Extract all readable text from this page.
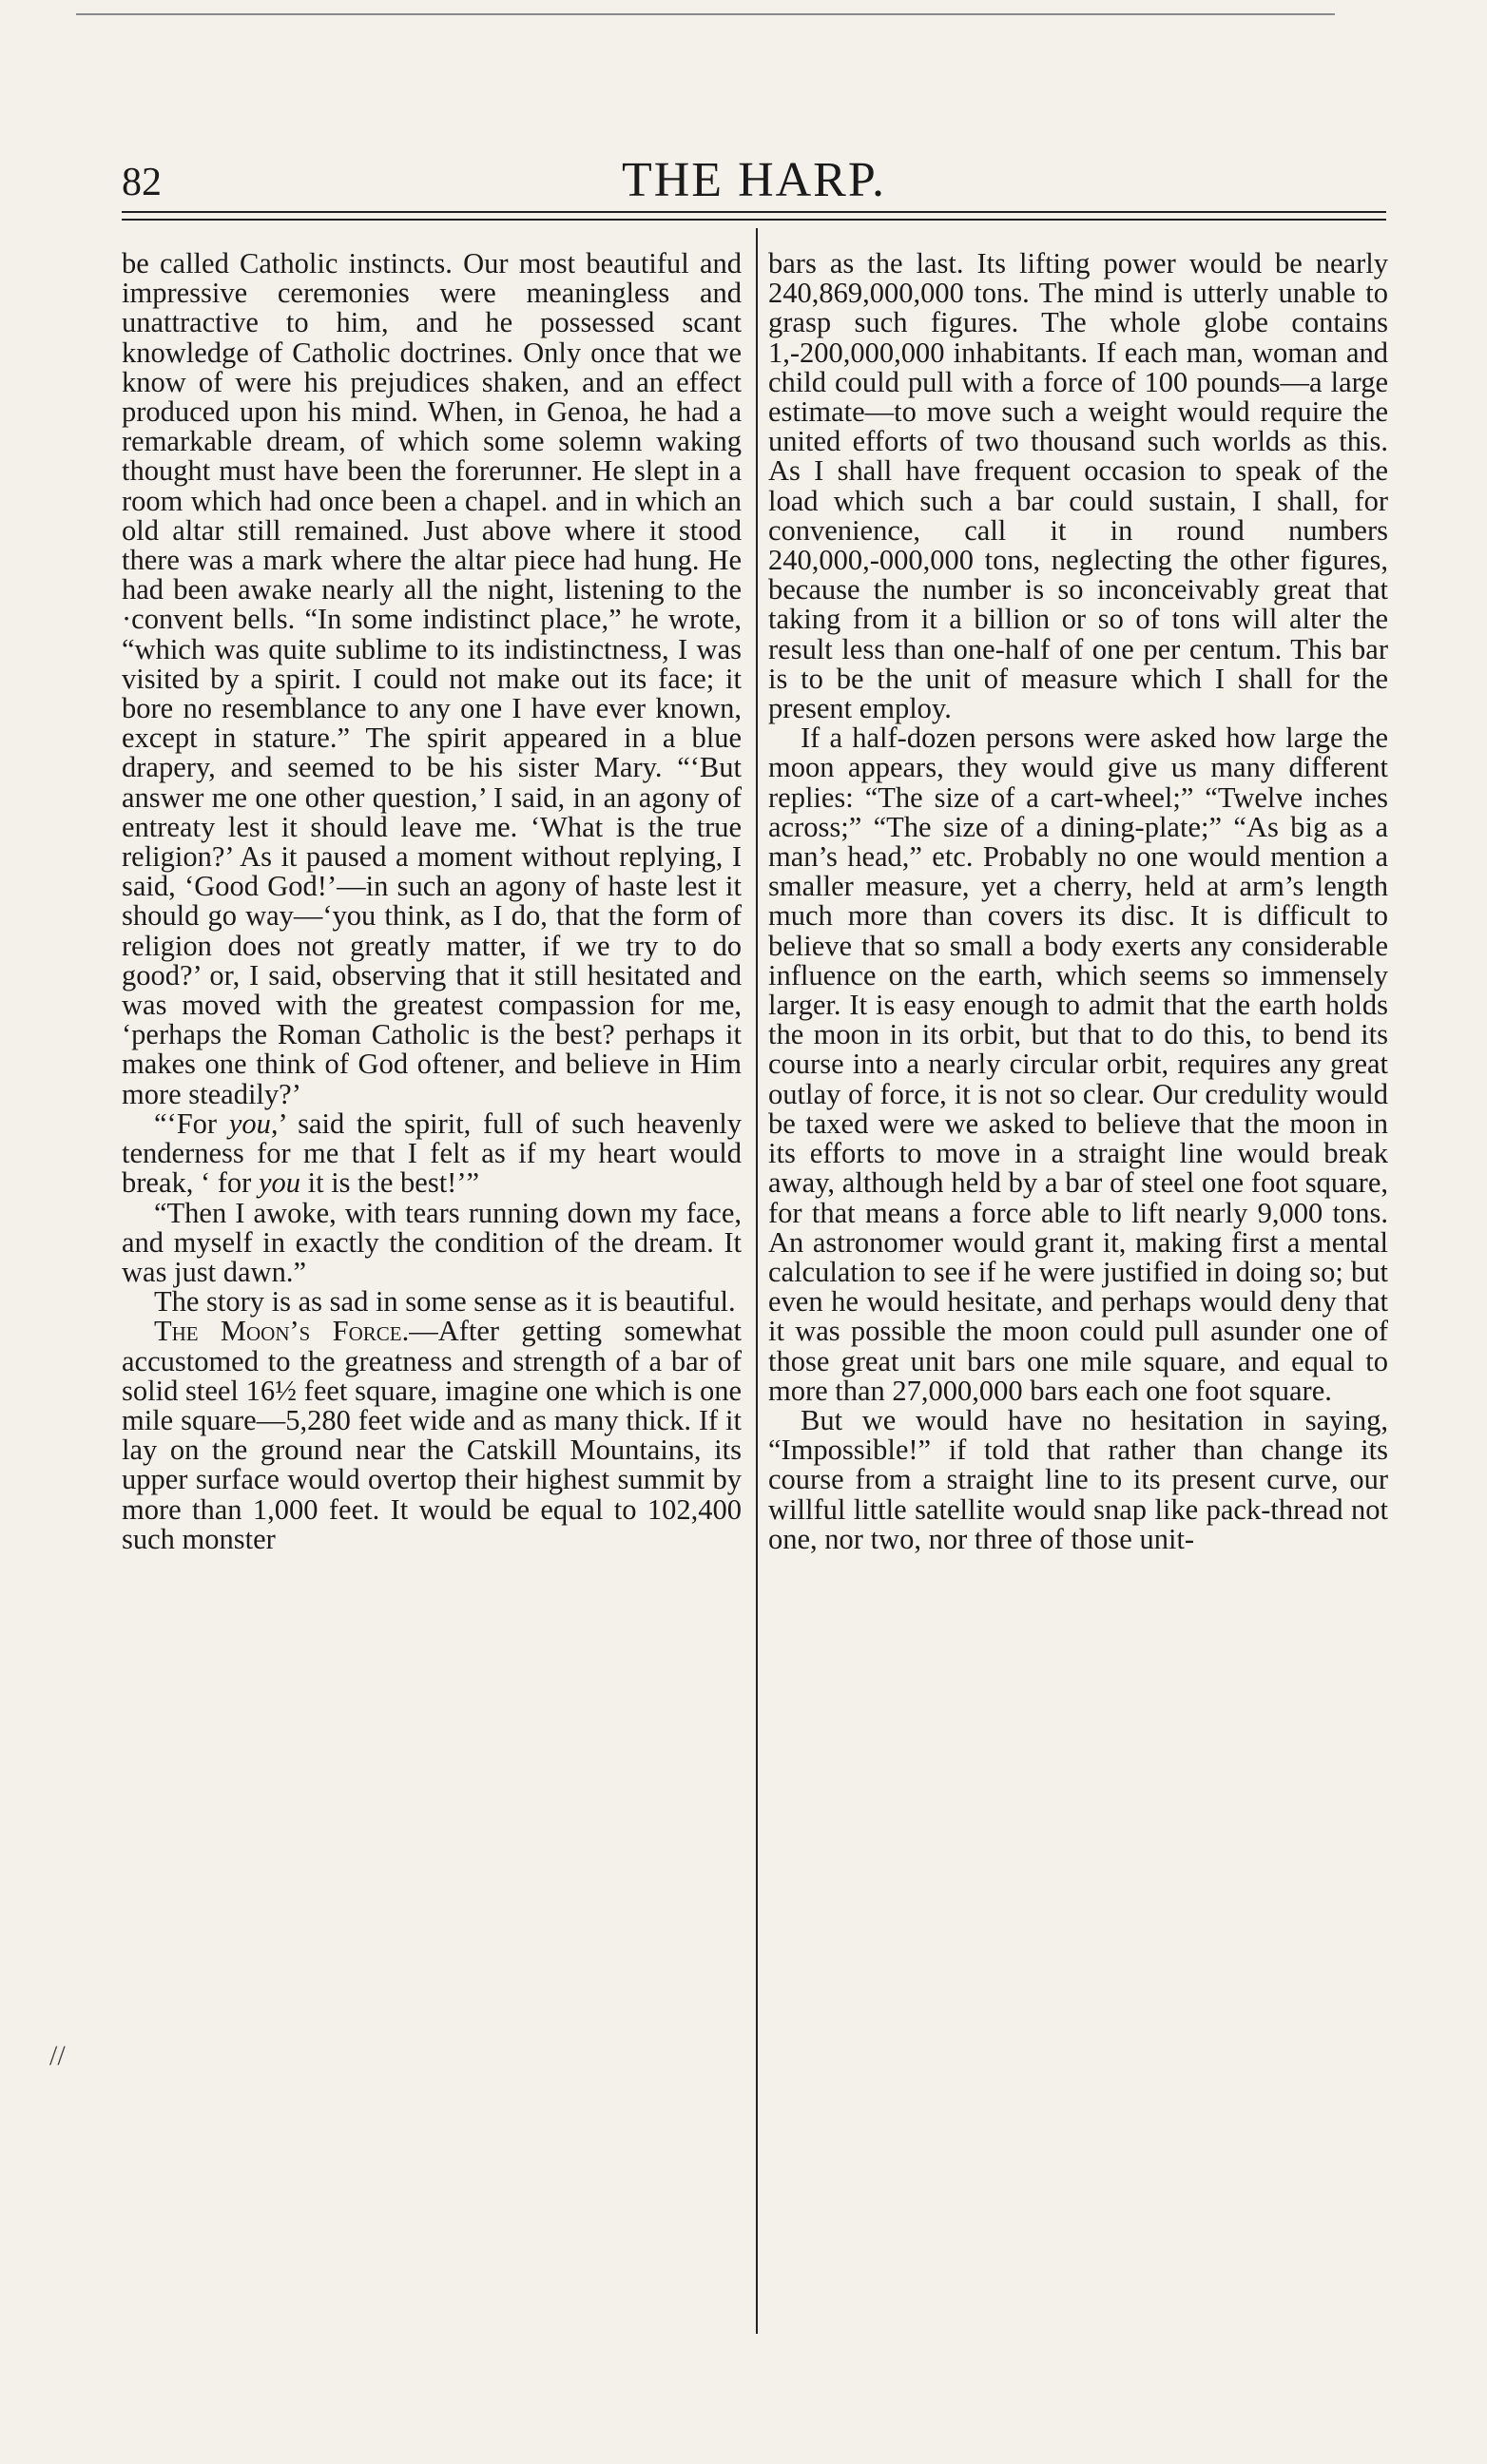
82	THE HARP.

be called Catholic instincts. Our most beautiful and impressive ceremonies were meaningless and unattractive to him, and he possessed scant knowledge of Catholic doctrines. Only once that we know of were his prejudices shaken, and an effect produced upon his mind. When, in Genoa, he had a remarkable dream, of which some solemn waking thought must have been the forerunner. He slept in a room which had once been a chapel. and in which an old altar still remained. Just above where it stood there was a mark where the altar piece had hung. He had been awake nearly all the night, listening to the ·convent bells. “In some indistinct place,” he wrote, “which was quite sublime to its indistinctness, I was visited by a spirit. I could not make out its face; it bore no resemblance to any one I have ever known, except in stature.” The spirit appeared in a blue drapery, and seemed to be his sister Mary. “‘But answer me one other question,’ I said, in an agony of entreaty lest it should leave me. ‘What is the true religion?’ As it paused a moment without replying, I said, ‘Good God!’—in such an agony of haste lest it should go way—‘you think, as I do, that the form of religion does not greatly matter, if we try to do good?’ or, I said, observing that it still hesitated and was moved with the greatest compassion for me, ‘perhaps the Roman Catholic is the best? perhaps it makes one think of God oftener, and believe in Him more steadily?’

“‘For you,’ said the spirit, full of such heavenly tenderness for me that I felt as if my heart would break, ‘ for you it is the best!’”

“Then I awoke, with tears running down my face, and myself in exactly the condition of the dream. It was just dawn.”

The story is as sad in some sense as it is beautiful.

The Moon’s Force.—After getting somewhat accustomed to the greatness and strength of a bar of solid steel 16½ feet square, imagine one which is one mile square—5,280 feet wide and as many thick. If it lay on the ground near the Catskill Mountains, its upper surface would overtop their highest summit by more than 1,000 feet. It would be equal to 102,400 such monster

bars as the last. Its lifting power would be nearly 240,869,000,000 tons. The mind is utterly unable to grasp such figures. The whole globe contains 1,-200,000,000 inhabitants. If each man, woman and child could pull with a force of 100 pounds—a large estimate—to move such a weight would require the united efforts of two thousand such worlds as this. As I shall have frequent occasion to speak of the load which such a bar could sustain, I shall, for convenience, call it in round numbers 240,000,-000,000 tons, neglecting the other figures, because the number is so inconceivably great that taking from it a billion or so of tons will alter the result less than one-half of one per centum. This bar is to be the unit of measure which I shall for the present employ.

If a half-dozen persons were asked how large the moon appears, they would give us many different replies: “The size of a cart-wheel;” “Twelve inches across;” “The size of a dining-plate;” “As big as a man’s head,” etc. Probably no one would mention a smaller measure, yet a cherry, held at arm’s length much more than covers its disc. It is difficult to believe that so small a body exerts any considerable influence on the earth, which seems so immensely larger. It is easy enough to admit that the earth holds the moon in its orbit, but that to do this, to bend its course into a nearly circular orbit, requires any great outlay of force, it is not so clear. Our credulity would be taxed were we asked to believe that the moon in its efforts to move in a straight line would break away, although held by a bar of steel one foot square, for that means a force able to lift nearly 9,000 tons. An astronomer would grant it, making first a mental calculation to see if he were justified in doing so; but even he would hesitate, and perhaps would deny that it was possible the moon could pull asunder one of those great unit bars one mile square, and equal to more than 27,000,000 bars each one foot square.

But we would have no hesitation in saying, “Impossible!” if told that rather than change its course from a straight line to its present curve, our willful little satellite would snap like pack-thread not one, nor two, nor three of those unit-

//
